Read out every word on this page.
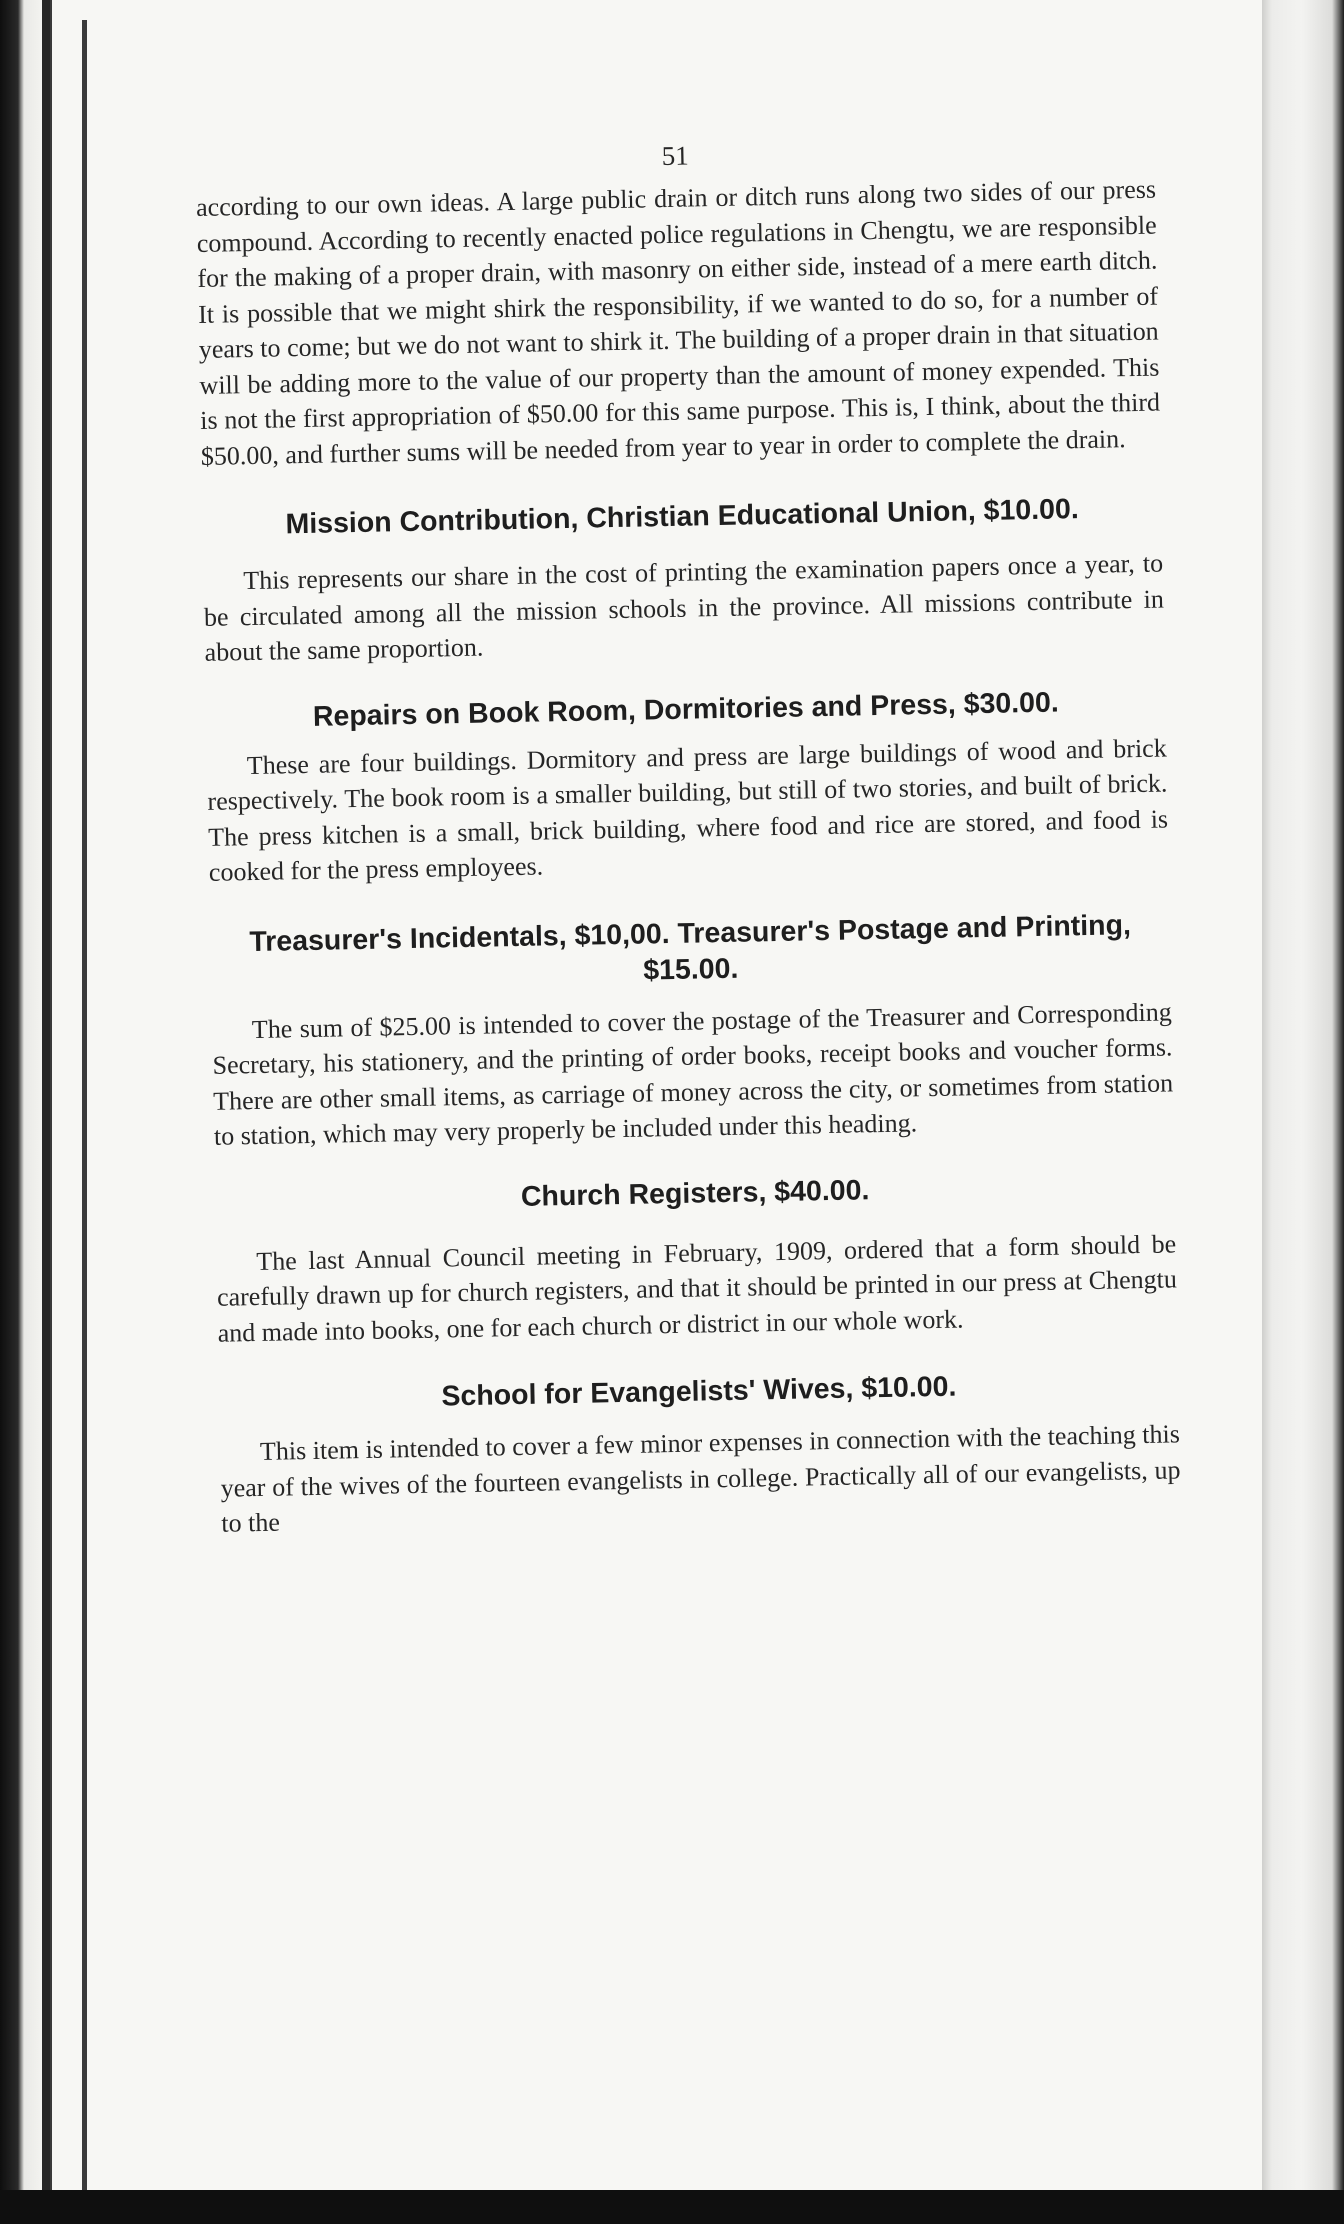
51

according to our own ideas. A large public drain or ditch runs along two sides of our press compound. According to recently enacted police regulations in Chengtu, we are responsible for the making of a proper drain, with masonry on either side, instead of a mere earth ditch. It is possible that we might shirk the responsibility, if we wanted to do so, for a number of years to come; but we do not want to shirk it. The building of a proper drain in that situation will be adding more to the value of our property than the amount of money expended. This is not the first appropriation of $50.00 for this same purpose. This is, I think, about the third $50.00, and further sums will be needed from year to year in order to complete the drain.

Mission Contribution, Christian Educational Union, $10.00.

This represents our share in the cost of printing the examination papers once a year, to be circulated among all the mission schools in the province. All missions contribute in about the same proportion.

Repairs on Book Room, Dormitories and Press, $30.00.

These are four buildings. Dormitory and press are large buildings of wood and brick respectively. The book room is a smaller building, but still of two stories, and built of brick. The press kitchen is a small, brick building, where food and rice are stored, and food is cooked for the press employees.

Treasurer's Incidentals, $10,00. Treasurer's Postage and Printing, $15.00.

The sum of $25.00 is intended to cover the postage of the Treasurer and Corresponding Secretary, his stationery, and the printing of order books, receipt books and voucher forms. There are other small items, as carriage of money across the city, or sometimes from station to station, which may very properly be included under this heading.

Church Registers, $40.00.

The last Annual Council meeting in February, 1909, ordered that a form should be carefully drawn up for church registers, and that it should be printed in our press at Chengtu and made into books, one for each church or district in our whole work.

School for Evangelists' Wives, $10.00.

This item is intended to cover a few minor expenses in connection with the teaching this year of the wives of the fourteen evangelists in college. Practically all of our evangelists, up to the
